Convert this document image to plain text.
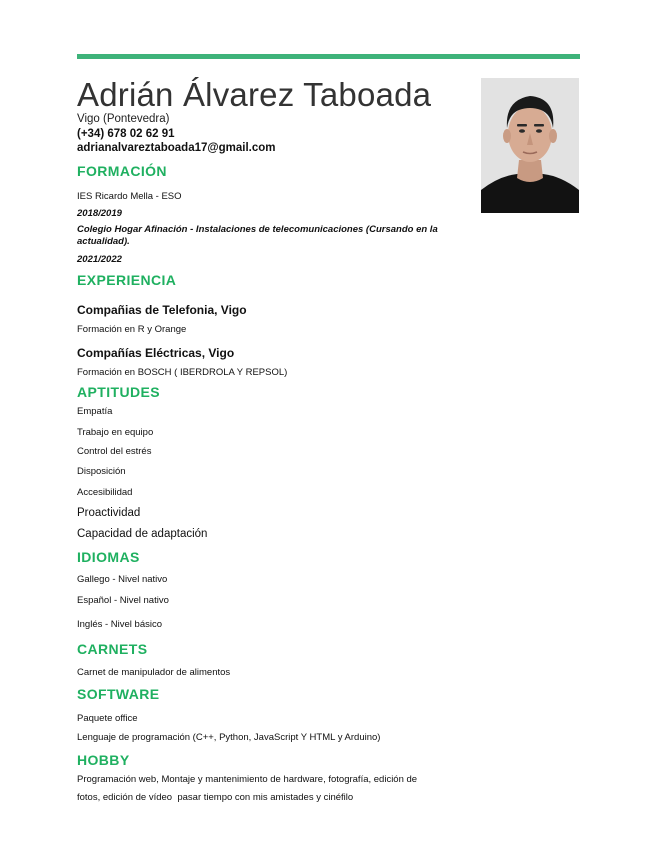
Adrián Álvarez Taboada
Vigo (Pontevedra)
(+34) 678 02 62 91
adrianalvareztaboada17@gmail.com
FORMACIÓN
IES Ricardo Mella - ESO
2018/2019
Colegio Hogar Afinación - Instalaciones de telecomunicaciones (Cursando en la actualidad).
2021/2022
EXPERIENCIA
Compañias de Telefonia, Vigo
Formación en R y Orange
Compañías Eléctricas, Vigo
Formación en BOSCH ( IBERDROLA Y REPSOL)
APTITUDES
Empatía
Trabajo en equipo
Control del estrés
Disposición
Accesibilidad
Proactividad
Capacidad de adaptación
IDIOMAS
Gallego - Nivel nativo
Español - Nivel nativo
Inglés - Nivel básico
CARNETS
Carnet de manipulador de alimentos
SOFTWARE
Paquete office
Lenguaje de programación (C++, Python, JavaScript Y HTML y Arduino)
HOBBY
Programación web, Montaje y mantenimiento de hardware, fotografía, edición de
fotos, edición de vídeo  pasar tiempo con mis amistades y cinéfilo
